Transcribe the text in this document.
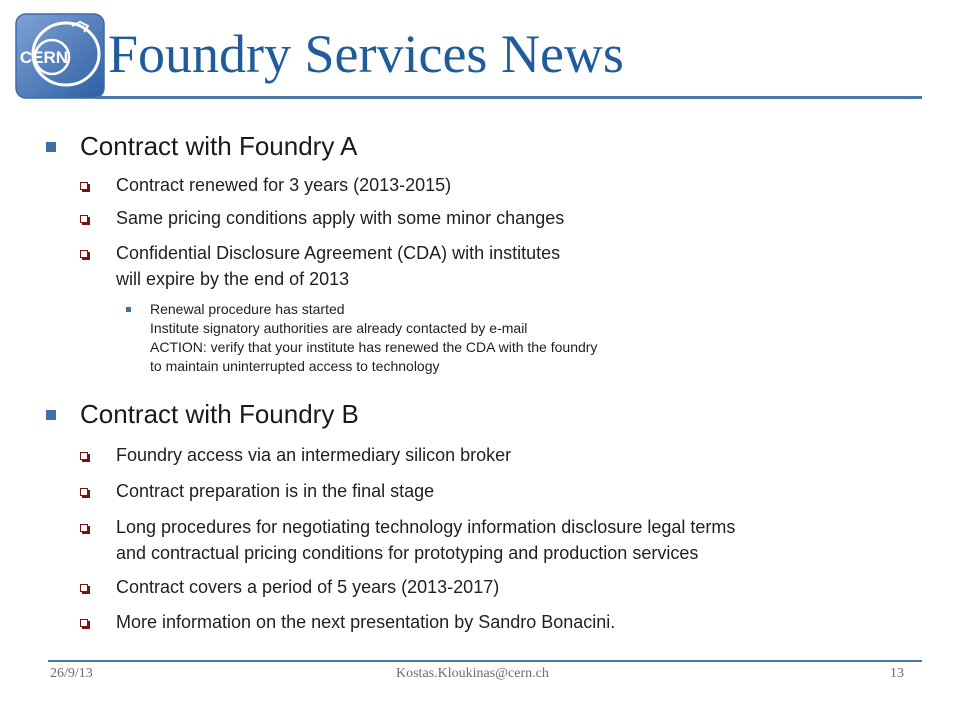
CERN Foundry Services News
Contract with Foundry A
Contract renewed for 3 years (2013-2015)
Same pricing conditions apply with some minor changes
Confidential Disclosure Agreement (CDA) with institutes
will expire by the end of 2013
Renewal procedure has started
Institute signatory authorities are already contacted by e-mail
ACTION: verify that your institute has renewed the CDA with the foundry
to maintain uninterrupted access to technology
Contract with Foundry B
Foundry access via an intermediary silicon broker
Contract preparation is in the final stage
Long procedures for negotiating technology information disclosure legal terms
and contractual pricing conditions for prototyping and production services
Contract covers a period of 5 years (2013-2017)
More information on the next presentation by Sandro Bonacini.
26/9/13	Kostas.Kloukinas@cern.ch	13
